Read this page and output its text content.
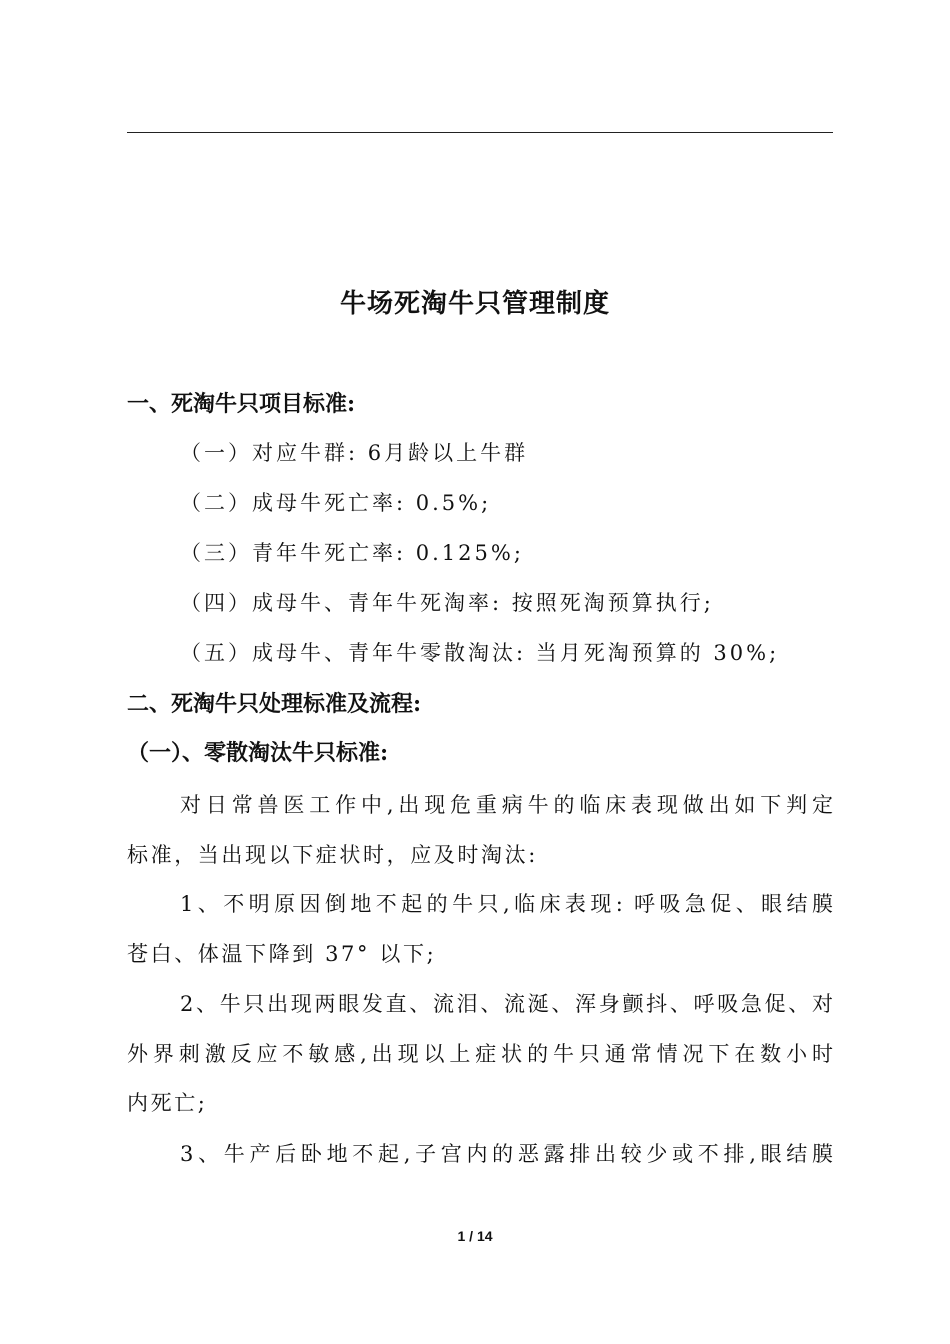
牛场死淘牛只管理制度
一、死淘牛只项目标准:
（一）对应牛群: 6月龄以上牛群
（二）成母牛死亡率: 0.5%;
（三）青年牛死亡率: 0.125%;
（四）成母牛、青年牛死淘率: 按照死淘预算执行;
（五）成母牛、青年牛零散淘汰: 当月死淘预算的 30%;
二、死淘牛只处理标准及流程:
（一）、零散淘汰牛只标准:
对日常兽医工作中,出现危重病牛的临床表现做出如下判定
标准，当出现以下症状时，应及时淘汰:
1、不明原因倒地不起的牛只,临床表现: 呼吸急促、眼结膜
苍白、体温下降到 37° 以下;
2、牛只出现两眼发直、流泪、流涎、浑身颤抖、呼吸急促、对
外界刺激反应不敏感,出现以上症状的牛只通常情况下在数小时
内死亡;
3、牛产后卧地不起,子宫内的恶露排出较少或不排,眼结膜
1 / 14
